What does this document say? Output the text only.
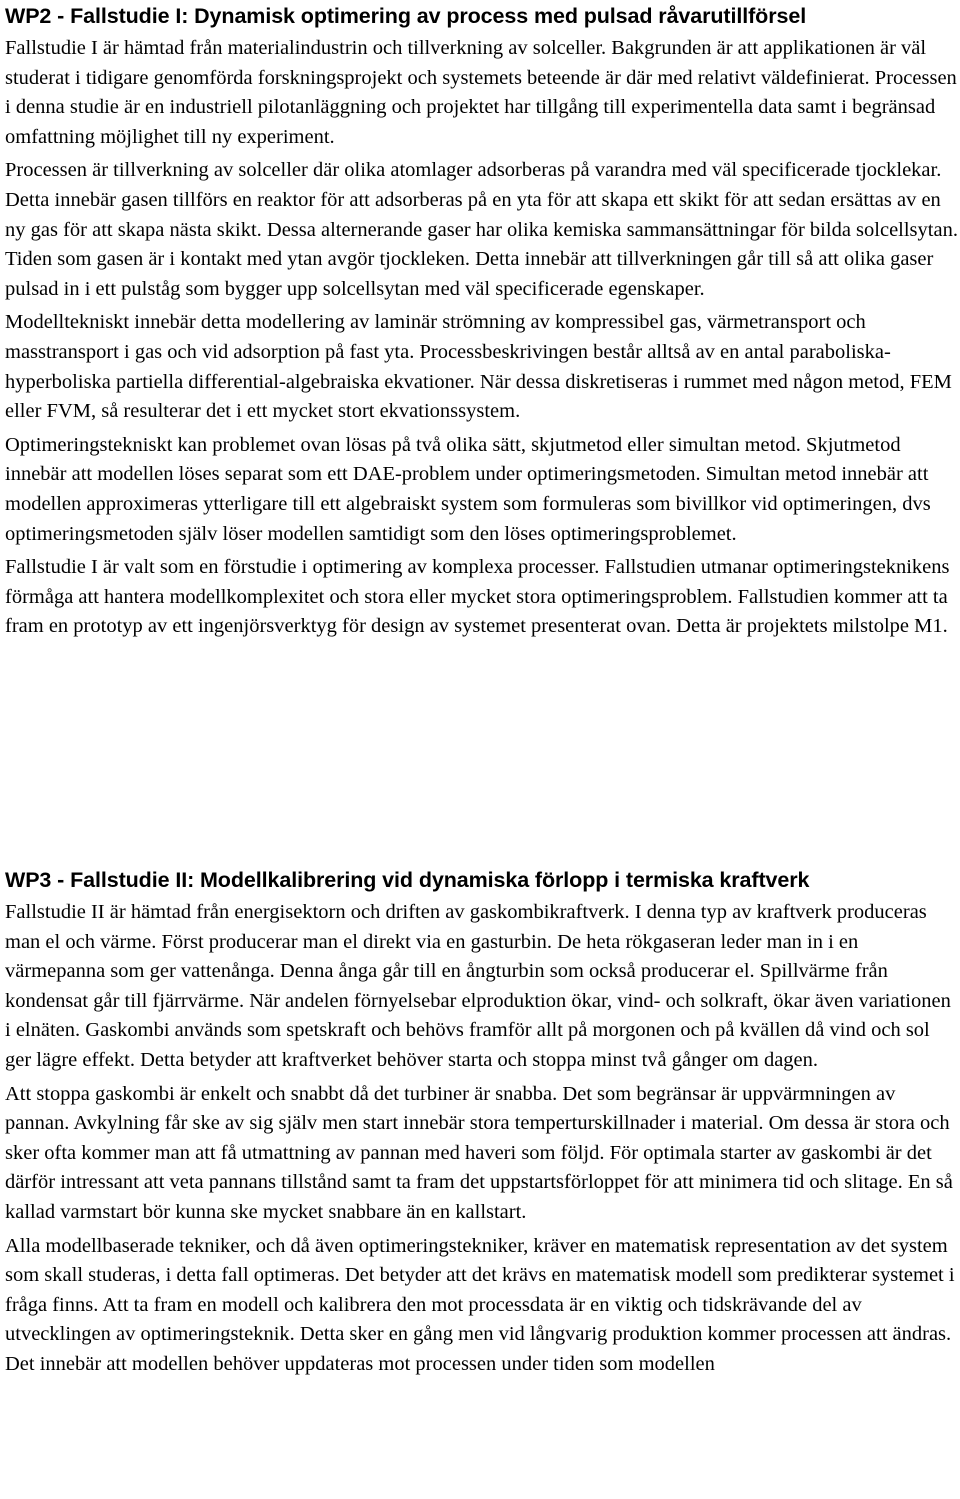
WP2 - Fallstudie I: Dynamisk optimering av process med pulsad råvarutillförsel

Fallstudie I är hämtad från materialindustrin och tillverkning av solceller. Bakgrunden är att applikationen är väl studerat i tidigare genomförda forskningsprojekt och systemets beteende är där med relativt väldefinierat. Processen i denna studie är en industriell pilotanläggning och projektet har tillgång till experimentella data samt i begränsad omfattning möjlighet till ny experiment.

Processen är tillverkning av solceller där olika atomlager adsorberas på varandra med väl specificerade tjocklekar. Detta innebär gasen tillförs en reaktor för att adsorberas på en yta för att skapa ett skikt för att sedan ersättas av en ny gas för att skapa nästa skikt. Dessa alternerande gaser har olika kemiska sammansättningar för bilda solcellsytan. Tiden som gasen är i kontakt med ytan avgör tjockleken. Detta innebär att tillverkningen går till så att olika gaser pulsad in i ett pulståg som bygger upp solcellsytan med väl specificerade egenskaper.

Modelltekniskt innebär detta modellering av laminär strömning av kompressibel gas, värmetransport och masstransport i gas och vid adsorption på fast yta. Processbeskrivingen består alltså av en antal paraboliska-hyperboliska partiella differential-algebraiska ekvationer. När dessa diskretiseras i rummet med någon metod, FEM eller FVM, så resulterar det i ett mycket stort ekvationssystem.

Optimeringstekniskt kan problemet ovan lösas på två olika sätt, skjutmetod eller simultan metod. Skjutmetod innebär att modellen löses separat som ett DAE-problem under optimeringsmetoden. Simultan metod innebär att modellen approximeras ytterligare till ett algebraiskt system som formuleras som bivillkor vid optimeringen, dvs optimeringsmetoden själv löser modellen samtidigt som den löses optimeringsproblemet.

Fallstudie I är valt som en förstudie i optimering av komplexa processer. Fallstudien utmanar optimeringsteknikens förmåga att hantera modellkomplexitet och stora eller mycket stora optimeringsproblem. Fallstudien kommer att ta fram en prototyp av ett ingenjörsverktyg för design av systemet presenterat ovan. Detta är projektets milstolpe M1.

WP3 - Fallstudie II: Modellkalibrering vid dynamiska förlopp i termiska kraftverk

Fallstudie II är hämtad från energisektorn och driften av gaskombikraftverk. I denna typ av kraftverk produceras man el och värme. Först producerar man el direkt via en gasturbin. De heta rökgaseran leder man in i en värmepanna som ger vattenånga. Denna ånga går till en ångturbin som också producerar el. Spillvärme från kondensat går till fjärrvärme. När andelen förnyelsebar elproduktion ökar, vind- och solkraft, ökar även variationen i elnäten. Gaskombi används som spetskraft och behövs framför allt på morgonen och på kvällen då vind och sol ger lägre effekt. Detta betyder att kraftverket behöver starta och stoppa minst två gånger om dagen.

Att stoppa gaskombi är enkelt och snabbt då det turbiner är snabba. Det som begränsar är uppvärmningen av pannan. Avkylning får ske av sig själv men start innebär stora temperturskillnader i material. Om dessa är stora och sker ofta kommer man att få utmattning av pannan med haveri som följd. För optimala starter av gaskombi är det därför intressant att veta pannans tillstånd samt ta fram det uppstartsförloppet för att minimera tid och slitage. En så kallad varmstart bör kunna ske mycket snabbare än en kallstart.

Alla modellbaserade tekniker, och då även optimeringstekniker, kräver en matematisk representation av det system som skall studeras, i detta fall optimeras. Det betyder att det krävs en matematisk modell som predikterar systemet i fråga finns. Att ta fram en modell och kalibrera den mot processdata är en viktig och tidskrävande del av utvecklingen av optimeringsteknik. Detta sker en gång men vid långvarig produktion kommer processen att ändras. Det innebär att modellen behöver uppdateras mot processen under tiden som modellen
